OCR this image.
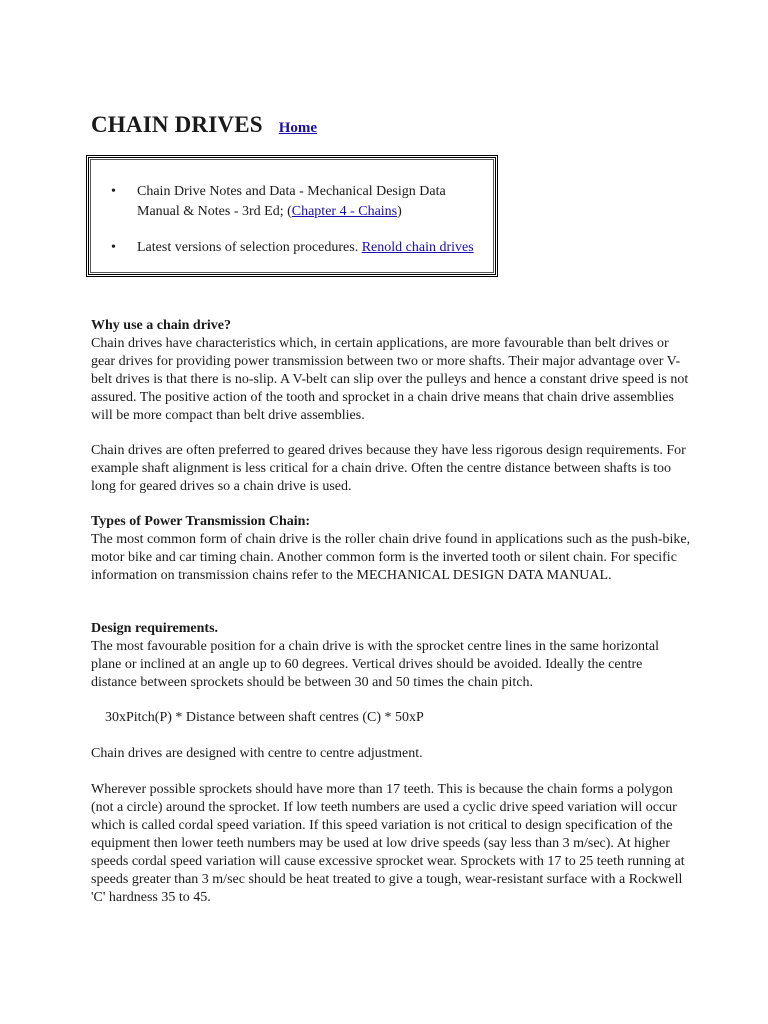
CHAIN DRIVES Home
• Chain Drive Notes and Data - Mechanical Design Data Manual & Notes - 3rd Ed; (Chapter 4 - Chains)
• Latest versions of selection procedures. Renold chain drives

Why use a chain drive?

Chain drives have characteristics which, in certain applications, are more favourable than belt drives or gear drives for providing power transmission between two or more shafts. Their major advantage over V-belt drives is that there is no-slip. A V-belt can slip over the pulleys and hence a constant drive speed is not assured. The positive action of the tooth and sprocket in a chain drive means that chain drive assemblies will be more compact than belt drive assemblies.

Chain drives are often preferred to geared drives because they have less rigorous design requirements. For example shaft alignment is less critical for a chain drive. Often the centre distance between shafts is too long for geared drives so a chain drive is used.

Types of Power Transmission Chain:

The most common form of chain drive is the roller chain drive found in applications such as the push-bike, motor bike and car timing chain. Another common form is the inverted tooth or silent chain. For specific information on transmission chains refer to the MECHANICAL DESIGN DATA MANUAL.

Design requirements.

The most favourable position for a chain drive is with the sprocket centre lines in the same horizontal plane or inclined at an angle up to 60 degrees. Vertical drives should be avoided. Ideally the centre distance between sprockets should be between 30 and 50 times the chain pitch.

30xPitch(P) * Distance between shaft centres (C) * 50xP

Chain drives are designed with centre to centre adjustment.

Wherever possible sprockets should have more than 17 teeth. This is because the chain forms a polygon (not a circle) around the sprocket. If low teeth numbers are used a cyclic drive speed variation will occur which is called cordal speed variation. If this speed variation is not critical to design specification of the equipment then lower teeth numbers may be used at low drive speeds (say less than 3 m/sec). At higher speeds cordal speed variation will cause excessive sprocket wear. Sprockets with 17 to 25 teeth running at speeds greater than 3 m/sec should be heat treated to give a tough, wear-resistant surface with a Rockwell 'C' hardness 35 to 45.
